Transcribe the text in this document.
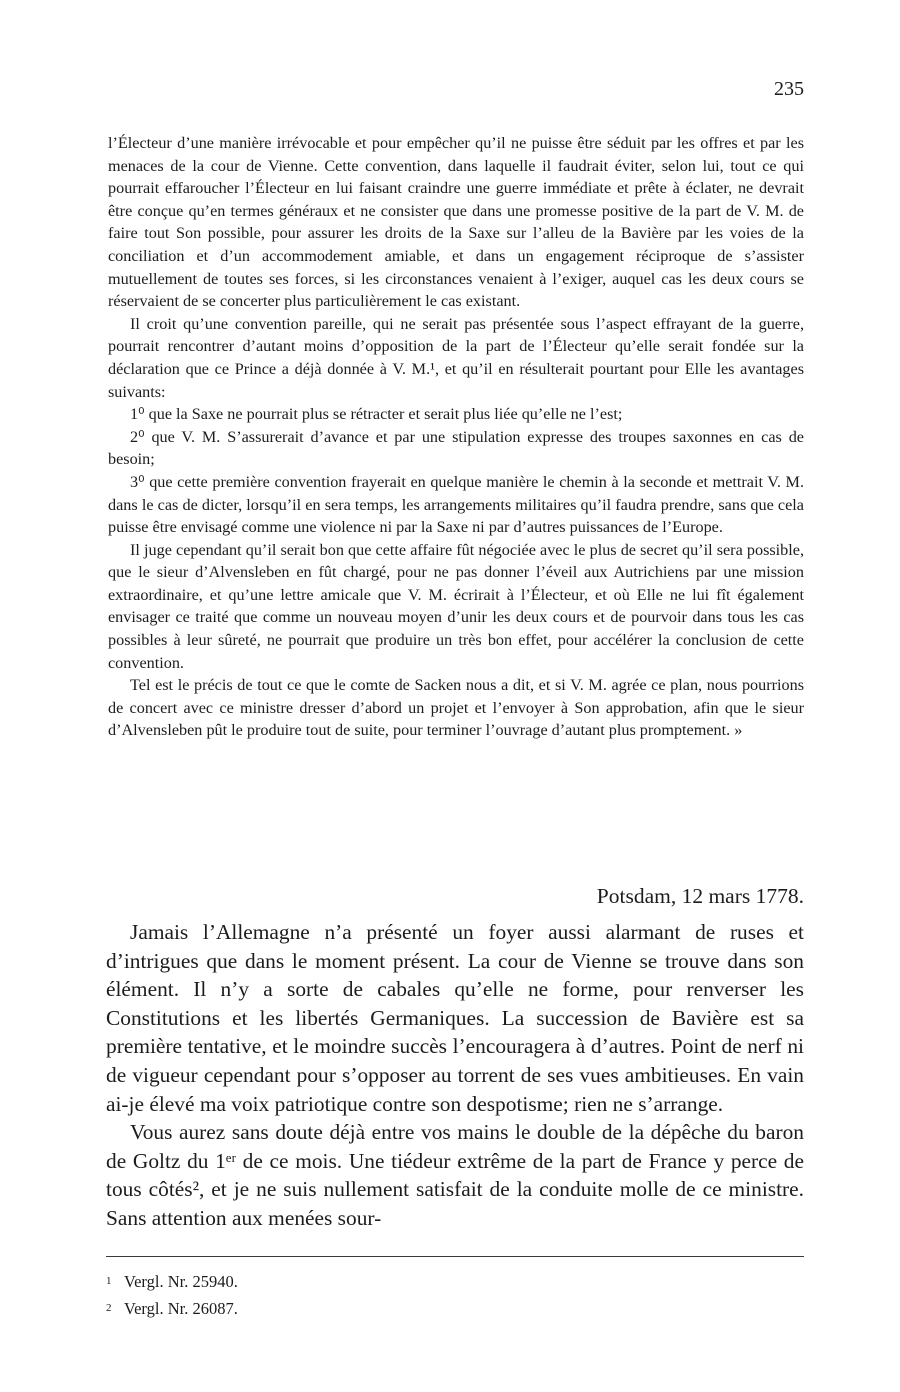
235

l’Électeur d’une manière irrévocable et pour empêcher qu’il ne puisse être séduit par les offres et par les menaces de la cour de Vienne. Cette convention, dans laquelle il faudrait éviter, selon lui, tout ce qui pourrait effaroucher l’Électeur en lui faisant craindre une guerre immédiate et prête à éclater, ne devrait être conçue qu’en termes généraux et ne consister que dans une promesse positive de la part de V. M. de faire tout Son possible, pour assurer les droits de la Saxe sur l’alleu de la Bavière par les voies de la conciliation et d’un accommodement amiable, et dans un engagement réciproque de s’assister mutuellement de toutes ses forces, si les circonstances venaient à l’exiger, auquel cas les deux cours se réservaient de se concerter plus particulièrement le cas existant.

Il croit qu’une convention pareille, qui ne serait pas présentée sous l’aspect effrayant de la guerre, pourrait rencontrer d’autant moins d’opposition de la part de l’Électeur qu’elle serait fondée sur la déclaration que ce Prince a déjà donnée à V. M.¹, et qu’il en résulterait pourtant pour Elle les avantages suivants:

1⁰ que la Saxe ne pourrait plus se rétracter et serait plus liée qu’elle ne l’est;

2⁰ que V. M. S’assurerait d’avance et par une stipulation expresse des troupes saxonnes en cas de besoin;

3⁰ que cette première convention frayerait en quelque manière le chemin à la seconde et mettrait V. M. dans le cas de dicter, lorsqu’il en sera temps, les arrangements militaires qu’il faudra prendre, sans que cela puisse être envisagé comme une violence ni par la Saxe ni par d’autres puissances de l’Europe.

Il juge cependant qu’il serait bon que cette affaire fût négociée avec le plus de secret qu’il sera possible, que le sieur d’Alvensleben en fût chargé, pour ne pas donner l’éveil aux Autrichiens par une mission extraordinaire, et qu’une lettre amicale que V. M. écrirait à l’Électeur, et où Elle ne lui fît également envisager ce traité que comme un nouveau moyen d’unir les deux cours et de pourvoir dans tous les cas possibles à leur sûreté, ne pourrait que produire un très bon effet, pour accélérer la conclusion de cette convention.

Tel est le précis de tout ce que le comte de Sacken nous a dit, et si V. M. agrée ce plan, nous pourrions de concert avec ce ministre dresser d’abord un projet et l’envoyer à Son approbation, afin que le sieur d’Alvensleben pût le produire tout de suite, pour terminer l’ouvrage d’autant plus promptement. »

Potsdam, 12 mars 1778.

Jamais l’Allemagne n’a présenté un foyer aussi alarmant de ruses et d’intrigues que dans le moment présent. La cour de Vienne se trouve dans son élément. Il n’y a sorte de cabales qu’elle ne forme, pour renverser les Constitutions et les libertés Germaniques. La succession de Bavière est sa première tentative, et le moindre succès l’encouragera à d’autres. Point de nerf ni de vigueur cependant pour s’opposer au torrent de ses vues ambitieuses. En vain ai-je élevé ma voix patriotique contre son despotisme; rien ne s’arrange.

Vous aurez sans doute déjà entre vos mains le double de la dépêche du baron de Goltz du 1ᵉʳ de ce mois. Une tiédeur extrême de la part de France y perce de tous côtés², et je ne suis nullement satisfait de la conduite molle de ce ministre. Sans attention aux menées sour-

1 Vergl. Nr. 25940.
2 Vergl. Nr. 26087.
